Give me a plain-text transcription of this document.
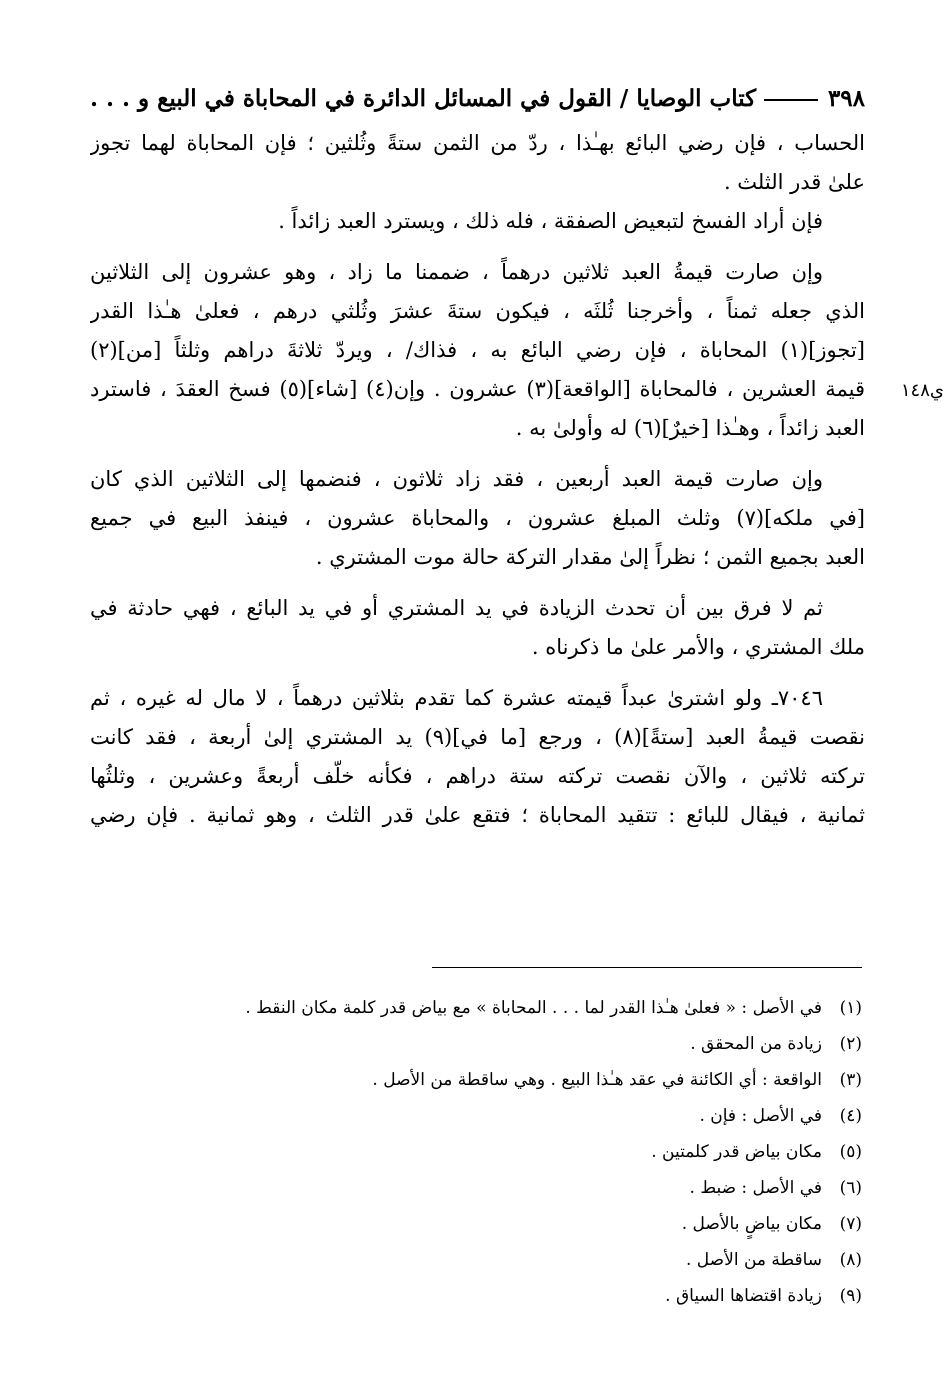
٣٩٨
كتاب الوصايا / القول في المسائل الدائرة في المحاباة في البيع و . . .
ي١٤٨
الحساب ، فإن رضي البائع بهـٰذا ، ردّ من الثمن ستةً وثُلثين ؛ فإن المحاباة لهما تجوز
علىٰ قدر الثلث .
فإن أراد الفسخ لتبعيض الصفقة ، فله ذلك ، ويسترد العبد زائداً .
وإن صارت قيمةُ العبد ثلاثين درهماً ، ضممنا ما زاد ، وهو عشرون إلى الثلاثين
الذي جعله ثمناً ، وأخرجنا ثُلثَه ، فيكون ستةَ عشرَ وثُلثي درهم ، فعلىٰ هـٰذا القدر
[تجوز](١) المحاباة ، فإن رضي البائع به ، فذاك/ ، ويردّ ثلاثةَ دراهم وثلثاً [من](٢)
قيمة العشرين ، فالمحاباة [الواقعة](٣) عشرون . وإن(٤) [شاء](٥) فسخ العقدَ ، فاسترد
العبد زائداً ، وهـٰذا [خيرٌ](٦) له وأولىٰ به .
وإن صارت قيمة العبد أربعين ، فقد زاد ثلاثون ، فنضمها إلى الثلاثين الذي كان
[في ملكه](٧) وثلث المبلغ عشرون ، والمحاباة عشرون ، فينفذ البيع في جميع
العبد بجميع الثمن ؛ نظراً إلىٰ مقدار التركة حالة موت المشتري .
ثم لا فرق بين أن تحدث الزيادة في يد المشتري أو في يد البائع ، فهي حادثة في
ملك المشتري ، والأمر علىٰ ما ذكرناه .
٧٠٤٦ـ ولو اشترىٰ عبداً قيمته عشرة كما تقدم بثلاثين درهماً ، لا مال له غيره ، ثم
نقصت قيمةُ العبد [ستةً](٨) ، ورجع [ما في](٩) يد المشتري إلىٰ أربعة ، فقد كانت
تركته ثلاثين ، والآن نقصت تركته ستة دراهم ، فكأنه خلّف أربعةً وعشرين ، وثلثُها
ثمانية ، فيقال للبائع : تتقيد المحاباة ؛ فتقع علىٰ قدر الثلث ، وهو ثمانية . فإن رضي
(١)في الأصل : « فعلىٰ هـٰذا القدر لما . . . المحاباة » مع بياض قدر كلمة مكان النقط .
(٢)زيادة من المحقق .
(٣)الواقعة : أي الكائنة في عقد هـٰذا البيع . وهي ساقطة من الأصل .
(٤)في الأصل : فإن .
(٥)مكان بياض قدر كلمتين .
(٦)في الأصل : ضبط .
(٧)مكان بياضٍ بالأصل .
(٨)ساقطة من الأصل .
(٩)زيادة اقتضاها السياق .
